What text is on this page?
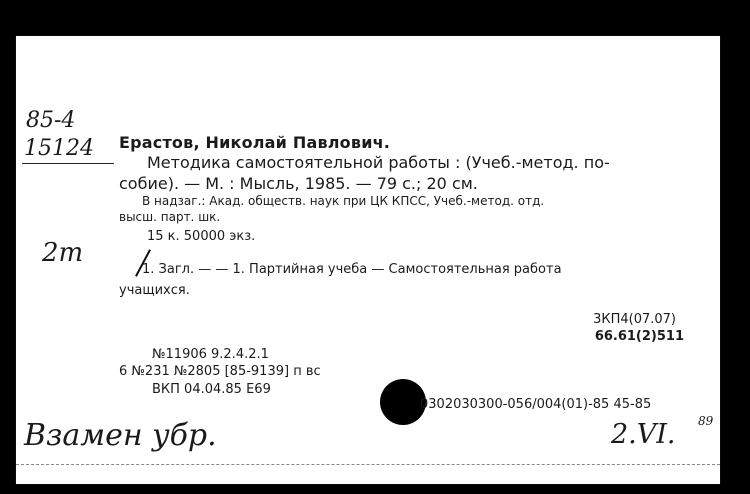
85-4
15124 Ерастов, Николай Павлович.
Методика самостоятельной работы : (Учеб.-метод. по-
собие). — М. : Мысль, 1985. — 79 с.; 20 см.
В надзаг.: Акад. обществ. наук при ЦК КПСС, Учеб.-метод. отд.
высш. парт. шк.
15 к. 50000 экз.
2т
1. Загл. — — 1. Партийная учеба — Самостоятельная работа
учащихся.
3КП4(07.07)
66.61(2)511
№11906 9.2.4.2.1
6 №231 №2805 [85-9139] п вс
ВКП 04.04.85 Е69
0302030300-056/004(01)-85 45-85
Взамен убр.	2.VI. 89
